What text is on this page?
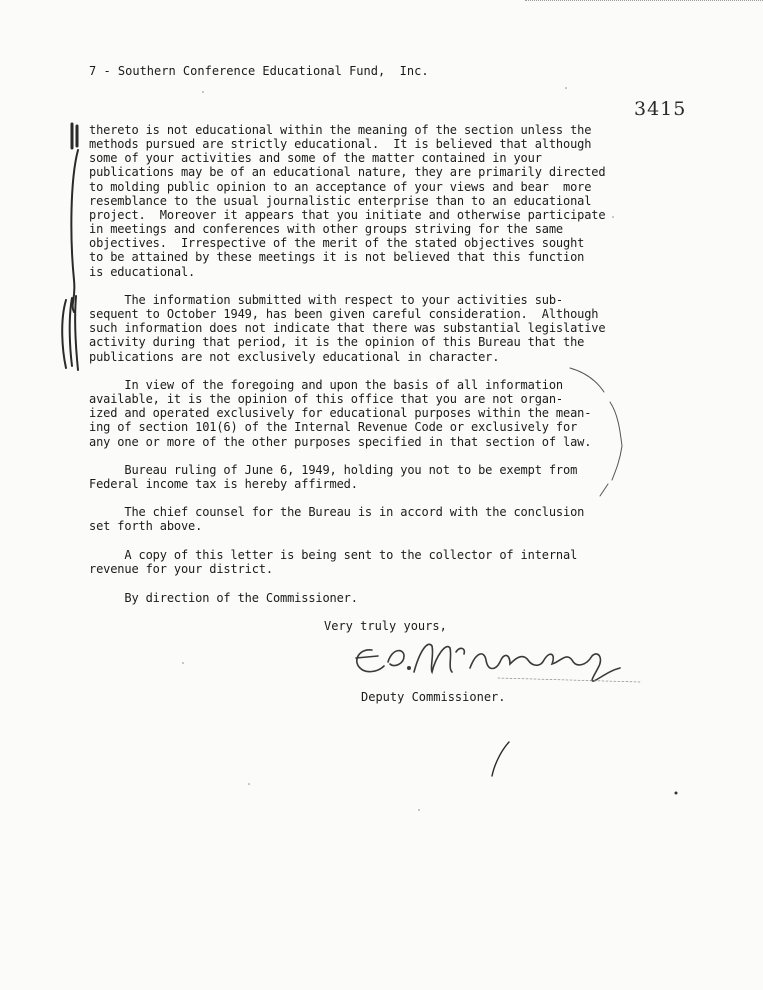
7 - Southern Conference Educational Fund,  Inc.
3415
thereto is not educational within the meaning of the section unless the
methods pursued are strictly educational.  It is believed that although
some of your activities and some of the matter contained in your
publications may be of an educational nature, they are primarily directed
to molding public opinion to an acceptance of your views and bear  more
resemblance to the usual journalistic enterprise than to an educational
project.  Moreover it appears that you initiate and otherwise participate
in meetings and conferences with other groups striving for the same
objectives.  Irrespective of the merit of the stated objectives sought
to be attained by these meetings it is not believed that this function
is educational.
The information submitted with respect to your activities sub-
sequent to October 1949, has been given careful consideration.  Although
such information does not indicate that there was substantial legislative
activity during that period, it is the opinion of this Bureau that the
publications are not exclusively educational in character.
In view of the foregoing and upon the basis of all information
available, it is the opinion of this office that you are not organ-
ized and operated exclusively for educational purposes within the mean-
ing of section 101(6) of the Internal Revenue Code or exclusively for
any one or more of the other purposes specified in that section of law.
Bureau ruling of June 6, 1949, holding you not to be exempt from
Federal income tax is hereby affirmed.
The chief counsel for the Bureau is in accord with the conclusion
set forth above.
A copy of this letter is being sent to the collector of internal
revenue for your district.
By direction of the Commissioner.
Very truly yours,
Deputy Commissioner.
